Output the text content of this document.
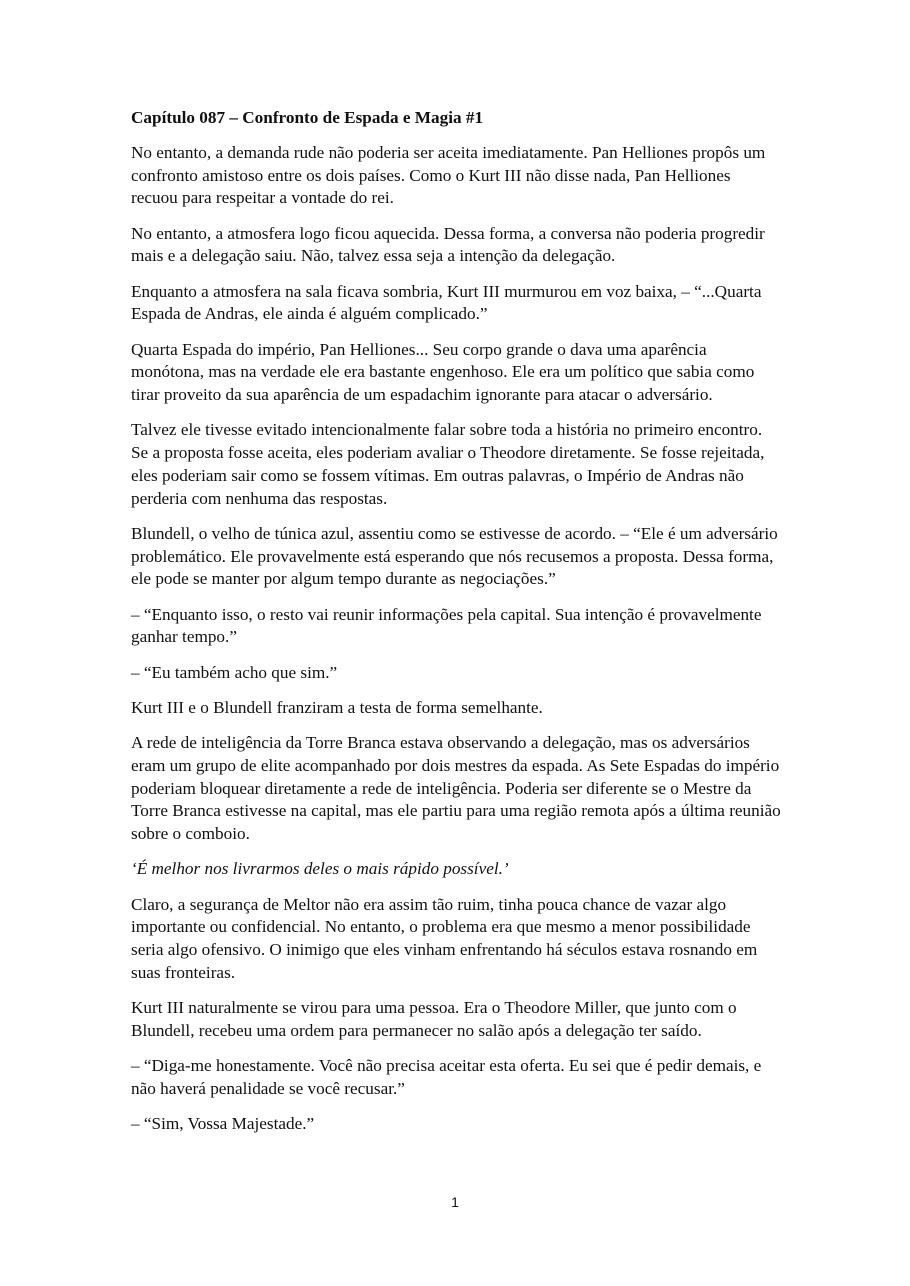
Capítulo 087 – Confronto de Espada e Magia #1

No entanto, a demanda rude não poderia ser aceita imediatamente. Pan Helliones propôs um confronto amistoso entre os dois países. Como o Kurt III não disse nada, Pan Helliones recuou para respeitar a vontade do rei.

No entanto, a atmosfera logo ficou aquecida. Dessa forma, a conversa não poderia progredir mais e a delegação saiu. Não, talvez essa seja a intenção da delegação.

Enquanto a atmosfera na sala ficava sombria, Kurt III murmurou em voz baixa, – “...Quarta Espada de Andras, ele ainda é alguém complicado.”

Quarta Espada do império, Pan Helliones... Seu corpo grande o dava uma aparência monótona, mas na verdade ele era bastante engenhoso. Ele era um político que sabia como tirar proveito da sua aparência de um espadachim ignorante para atacar o adversário.

Talvez ele tivesse evitado intencionalmente falar sobre toda a história no primeiro encontro. Se a proposta fosse aceita, eles poderiam avaliar o Theodore diretamente. Se fosse rejeitada, eles poderiam sair como se fossem vítimas. Em outras palavras, o Império de Andras não perderia com nenhuma das respostas.

Blundell, o velho de túnica azul, assentiu como se estivesse de acordo. – “Ele é um adversário problemático. Ele provavelmente está esperando que nós recusemos a proposta. Dessa forma, ele pode se manter por algum tempo durante as negociações.”

– “Enquanto isso, o resto vai reunir informações pela capital. Sua intenção é provavelmente ganhar tempo.”

– “Eu também acho que sim.”

Kurt III e o Blundell franziram a testa de forma semelhante.

A rede de inteligência da Torre Branca estava observando a delegação, mas os adversários eram um grupo de elite acompanhado por dois mestres da espada. As Sete Espadas do império poderiam bloquear diretamente a rede de inteligência. Poderia ser diferente se o Mestre da Torre Branca estivesse na capital, mas ele partiu para uma região remota após a última reunião sobre o comboio.

‘É melhor nos livrarmos deles o mais rápido possível.’

Claro, a segurança de Meltor não era assim tão ruim, tinha pouca chance de vazar algo importante ou confidencial. No entanto, o problema era que mesmo a menor possibilidade seria algo ofensivo. O inimigo que eles vinham enfrentando há séculos estava rosnando em suas fronteiras.

Kurt III naturalmente se virou para uma pessoa. Era o Theodore Miller, que junto com o Blundell, recebeu uma ordem para permanecer no salão após a delegação ter saído.

– “Diga-me honestamente. Você não precisa aceitar esta oferta. Eu sei que é pedir demais, e não haverá penalidade se você recusar.”

– “Sim, Vossa Majestade.”

1
